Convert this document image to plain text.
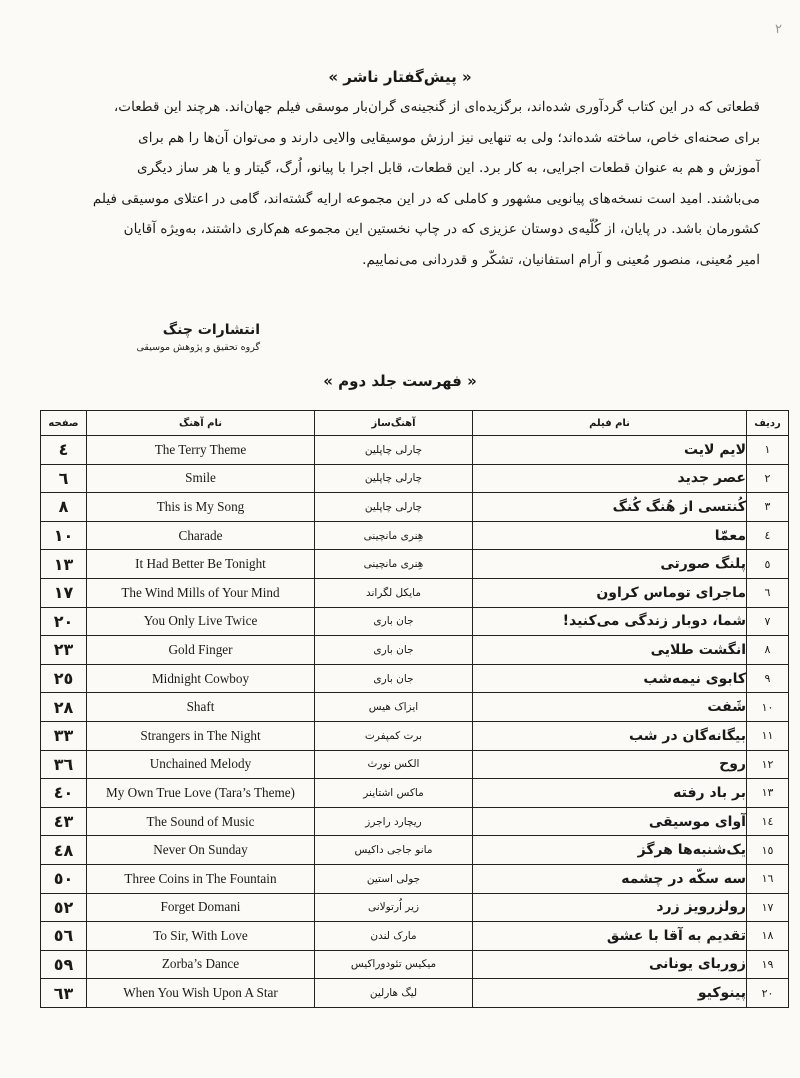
۲
« پیش‌گفتار ناشر »

قطعاتی که در این کتاب گردآوری شده‌اند، برگزیده‌ای از گنجینه‌ی گران‌بار موسقی فیلم جهان‌اند. هرچند این قطعات،

برای صحنه‌ای خاص، ساخته شده‌اند؛ ولی به تنهایی نیز ارزش موسیقایی والایی دارند و می‌توان آن‌ها را هم برای

آموزش و هم به عنوان قطعات اجرایی، به کار برد. این قطعات، قابل اجرا با پیانو، اُرگ، گیتار و یا هر ساز دیگری

می‌باشند. امید است نسخه‌های پیانویی مشهور و کاملی که در این مجموعه ارایه گشته‌اند، گامی در اعتلای موسیقی فیلم

کشورمان باشد. در پایان، از کُلّیه‌ی دوستان عزیزی که در چاپ نخستین این مجموعه هم‌کاری داشتند، به‌ویژه آقایان

امیر مُعینی، منصور مُعینی و آرام استفانیان، تشکّر و قدردانی می‌نماییم.

انتشارات چنگ
گروه تحقیق و پژوهش موسیقی
« فهرست جلد دوم »
صفحه	نام آهنگ	آهنگ‌ساز	نام فیلم	ردیف
٤	The Terry Theme	چارلی چاپلین	لایم لایت	۱
٦	Smile	چارلی چاپلین	عصر جدید	۲
۸	This is My Song	چارلی چاپلین	کُنتسی از هُنگ کُنگ	۳
۱۰	Charade	هِنری مانچینی	معمّا	٤
۱۳	It Had Better Be Tonight	هِنری مانچینی	پلنگ صورتی	٥
۱۷	The Wind Mills of Your Mind	مایکل لگراند	ماجرای توماس کراون	٦
۲۰	You Only Live Twice	جان باری	شما، دوبار زندگی می‌کنید!	۷
۲۳	Gold Finger	جان باری	انگشت طلایی	۸
۲٥	Midnight Cowboy	جان باری	کابوی نیمه‌شب	۹
۲۸	Shaft	ایزاک هیس	شَفت	۱۰
۳۳	Strangers in The Night	برت کمپفرت	بیگانه‌گان در شب	۱۱
۳٦	Unchained Melody	الکس نورث	روح	۱۲
٤۰	My Own True Love (Tara’s Theme)	ماکس اشتاینر	بر باد رفته	۱۳
٤۳	The Sound of Music	ریچارد راجرز	آوای موسیقی	۱٤
٤۸	Never On Sunday	مانو جاجی داکیس	یک‌شنبه‌ها هرگز	۱٥
٥۰	Three Coins in The Fountain	جولی استین	سه سکّه در چشمه	۱٦
٥۲	Forget Domani	زیر اُرتولانی	رولزرویز زرد	۱۷
٥٦	To Sir, With Love	مارک لندن	تقدیم به آقا با عشق	۱۸
٥۹	Zorba’s Dance	میکیس تئودوراکیس	زوربای یونانی	۱۹
٦۳	When You Wish Upon A Star	لیگ هارلین	پینوکیو	۲۰
